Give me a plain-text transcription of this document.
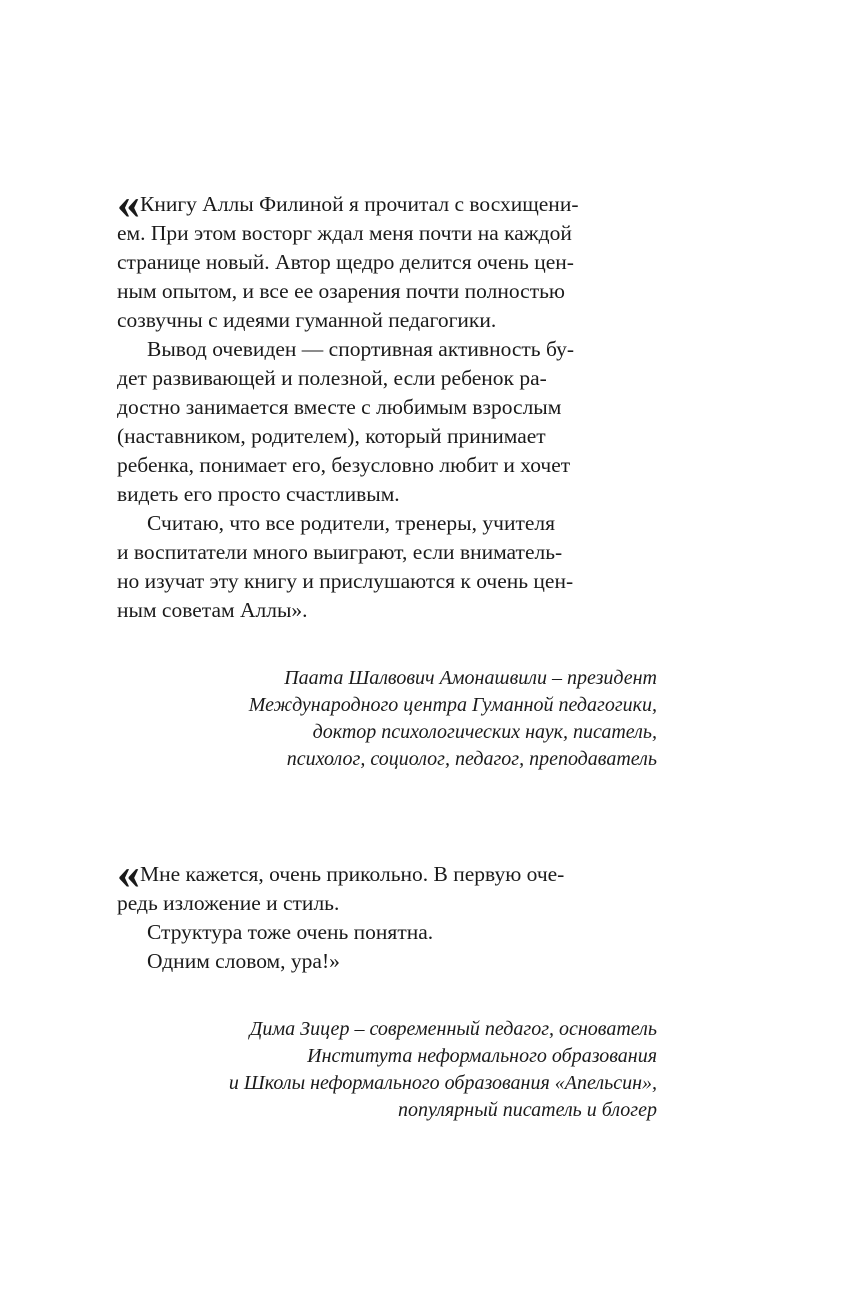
« Книгу Аллы Филиной я прочитал с восхищени-
ем. При этом восторг ждал меня почти на каждой
странице новый. Автор щедро делится очень цен-
ным опытом, и все ее озарения почти полностью
созвучны с идеями гуманной педагогики.

Вывод очевиден — спортивная активность бу-
дет развивающей и полезной, если ребенок ра-
достно занимается вместе с любимым взрослым
(наставником, родителем), который принимает
ребенка, понимает его, безусловно любит и хочет
видеть его просто счастливым.

Считаю, что все родители, тренеры, учителя
и воспитатели много выиграют, если вниматель-
но изучат эту книгу и прислушаются к очень цен-
ным советам Аллы».

Паата Шалвович Амонашвили – президент
Международного центра Гуманной педагогики,
доктор психологических наук, писатель,
психолог, социолог, педагог, преподаватель

« Мне кажется, очень прикольно. В первую оче-
редь изложение и стиль.

Структура тоже очень понятна.

Одним словом, ура!»

Дима Зицер – современный педагог, основатель
Института неформального образования
и Школы неформального образования «Апельсин»,
популярный писатель и блогер
